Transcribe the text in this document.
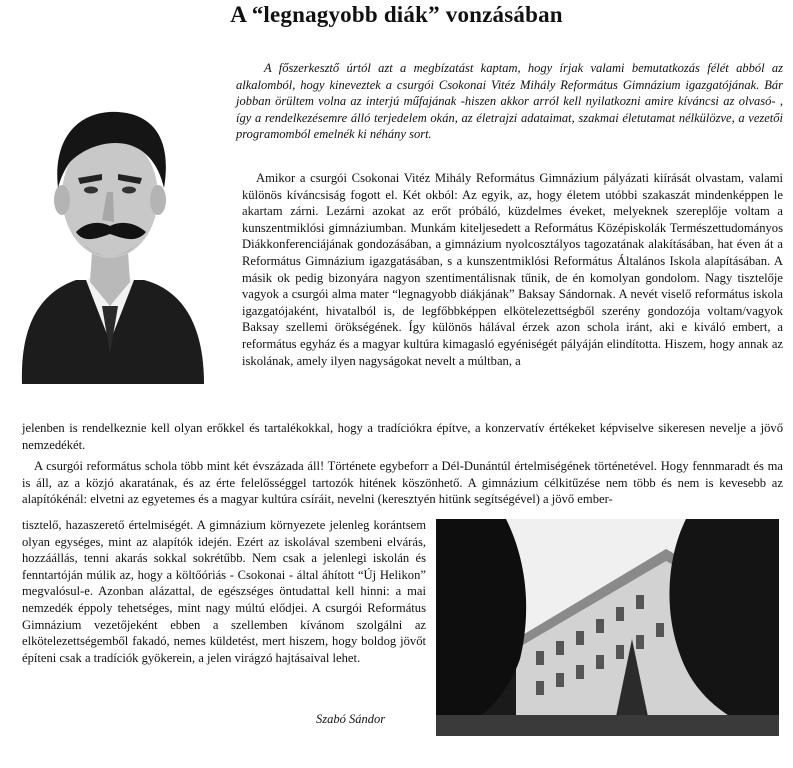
A “legnagyobb diák” vonzásában

A főszerkesztő úrtól azt a megbízatást kaptam, hogy írjak valami bemutatkozás félét abból az alkalomból, hogy kineveztek a csurgói Csokonai Vitéz Mihály Református Gimnázium igazgatójának. Bár jobban örültem volna az interjú műfajának -hiszen akkor arról kell nyilatkozni amire kíváncsi az olvasó- , így a rendelkezésemre álló terjedelem okán, az életrajzi adataimat, szakmai életutamat nélkülözve, a vezetői programomból emelnék ki néhány sort.

Amikor a csurgói Csokonai Vitéz Mihály Református Gimnázium pályázati kiírását olvastam, valami különös kíváncsiság fogott el. Két okból: Az egyik, az, hogy életem utóbbi szakaszát mindenképpen le akartam zárni. Lezárni azokat az erőt próbáló, küzdelmes éveket, melyeknek szereplője voltam a kunszentmiklósi gimnáziumban. Munkám kiteljesedett a Református Középiskolák Természettudományos Diákkonferenciájának gondozásában, a gimnázium nyolcosztályos tagozatának alakításában, hat éven át a Református Gimnázium igazgatásában, s a kunszentmiklósi Református Általános Iskola alapításában. A másik ok pedig bizonyára nagyon szentimentálisnak tűnik, de én komolyan gondolom. Nagy tisztelője vagyok a csurgói alma mater “legnagyobb diákjának” Baksay Sándornak. A nevét viselő református iskola igazgatójaként, hivatalból is, de legfőbbképpen elkötelezettségből szerény gondozója voltam/vagyok Baksay szellemi örökségének. Így különös hálával érzek azon schola iránt, aki e kiváló embert, a református egyház és a magyar kultúra kimagasló egyéniségét pályáján elindította. Hiszem, hogy annak az iskolának, amely ilyen nagyságokat nevelt a múltban, a

jelenben is rendelkeznie kell olyan erőkkel és tartalékokkal, hogy a tradíciókra építve, a konzervatív értékeket képviselve sikeresen nevelje a jövő nemzedékét.

A csurgói református schola több mint két évszázada áll! Története egybeforr a Dél-Dunántúl értelmiségének történetével. Hogy fennmaradt és ma is áll, az a közjó akaratának, és az érte felelősséggel tartozók hitének köszönhető. A gimnázium célkitűzése nem több és nem is kevesebb az alapítókénál: elvetni az egyetemes és a magyar kultúra csíráit, nevelni (keresztyén hitünk segítségével) a jövő ember-

tisztelő, hazaszerető értelmiségét. A gimnázium környezete jelenleg korántsem olyan egységes, mint az alapítók idején. Ezért az iskolával szembeni elvárás, hozzáállás, tenni akarás sokkal sokrétűbb. Nem csak a jelenlegi iskolán és fenntartóján múlik az, hogy a költőóriás - Csokonai - által áhított “Új Helikon” megvalósul-e. Azonban alázattal, de egészséges öntudattal kell hinni: a mai nemzedék éppoly tehetséges, mint nagy múltú elődjei. A csurgói Református Gimnázium vezetőjeként ebben a szellemben kívánom szolgálni az elkötelezettségemből fakadó, nemes küldetést, mert hiszem, hogy boldog jövőt építeni csak a tradíciók gyökerein, a jelen virágzó hajtásaival lehet.

Szabó Sándor
